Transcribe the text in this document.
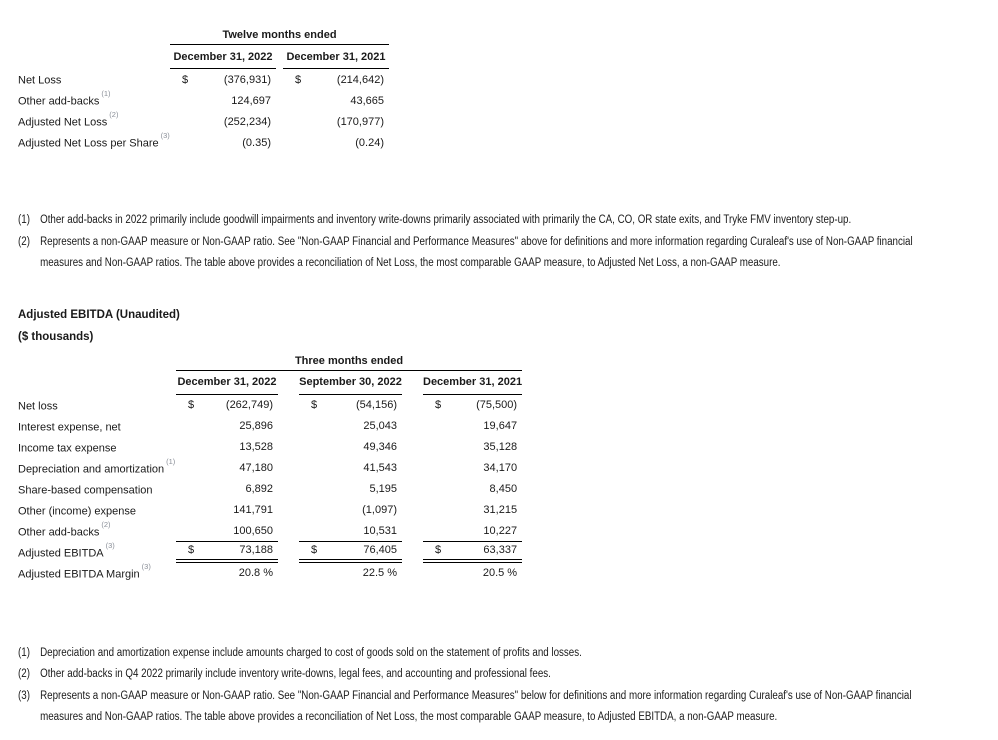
	Twelve months ended		
	December 31, 2022		December 31, 2021
Net Loss	$ (376,931)		$ (214,642)
Other add-backs$^{(1)}$	124,697		43,665
Adjusted Net Loss$^{(2)}$	(252,234)		(170,977)
Adjusted Net Loss per Share$^{(3)}$	(0.35)		(0.24)
(1) Other add-backs in 2022 primarily include goodwill impairments and inventory write-downs primarily associated with primarily the CA, CO, OR state exits, and Tryke FMV inventory step-up.
(2) Represents a non-GAAP measure or Non-GAAP ratio. See "Non-GAAP Financial and Performance Measures" above for definitions and more information regarding Curaleaf's use of Non-GAAP financial measures and Non-GAAP ratios. The table above provides a reconciliation of Net Loss, the most comparable GAAP measure, to Adjusted Net Loss, a non-GAAP measure.
Adjusted EBITDA (Unaudited)
($ thousands)
	Three months ended				
	December 31, 2022		September 30, 2022		December 31, 2021
Net loss	$ (262,749)		$ (54,156)		$ (75,500)
Interest expense, net	25,896		25,043		19,647
Income tax expense	13,528		49,346		35,128
Depreciation and amortization$^{(1)}$	47,180		41,543		34,170
Share-based compensation	6,892		5,195		8,450
Other (income) expense	141,791		(1,097)		31,215
Other add-backs$^{(2)}$	100,650		10,531		10,227
Adjusted EBITDA$^{(3)}$	$ 73,188		$ 76,405		$ 63,337
Adjusted EBITDA Margin$^{(3)}$	20.8 %		22.5 %		20.5 %
(1) Depreciation and amortization expense include amounts charged to cost of goods sold on the statement of profits and losses.
(2) Other add-backs in Q4 2022 primarily include inventory write-downs, legal fees, and accounting and professional fees.
(3) Represents a non-GAAP measure or Non-GAAP ratio. See "Non-GAAP Financial and Performance Measures" below for definitions and more information regarding Curaleaf's use of Non-GAAP financial measures and Non-GAAP ratios. The table above provides a reconciliation of Net Loss, the most comparable GAAP measure, to Adjusted EBITDA, a non-GAAP measure.
